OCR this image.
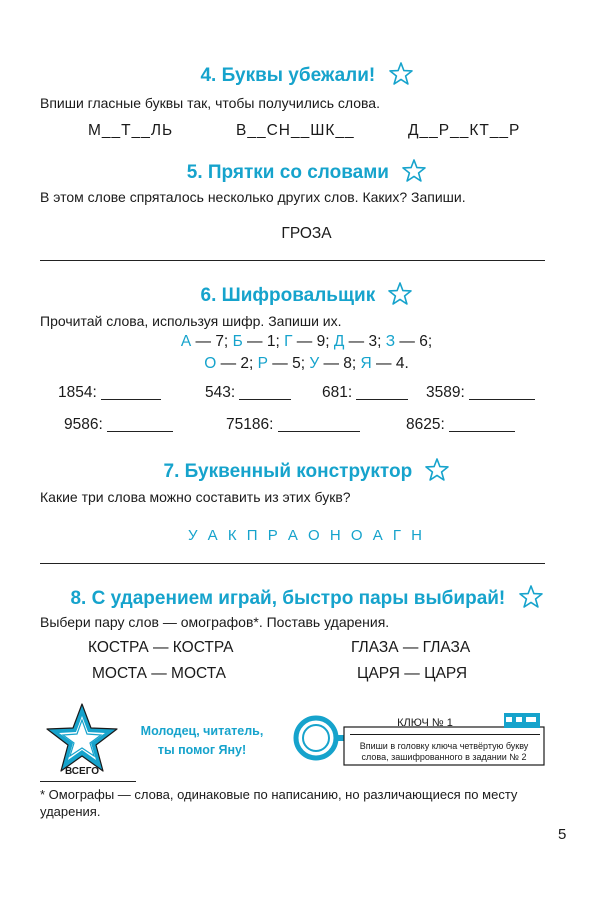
4. Буквы убежали!
Впиши гласные буквы так, чтобы получились слова.
М__Т__ЛЬ	В__СН__ШК__	Д__Р__КТ__Р
5. Прятки со словами
В этом слове спряталось несколько других слов. Каких? Запиши.
ГРОЗА
6. Шифровальщик
Прочитай слова, используя шифр. Запиши их.
А — 7; Б — 1; Г — 9; Д — 3; З — 6;
О — 2; Р — 5; У — 8; Я — 4.
1854:	543:	681:	3589:
9586:	75186:	8625:
7. Буквенный конструктор
Какие три слова можно составить из этих букв?
У А К П Р А О Н О А Г Н
8. С ударением играй, быстро пары выбирай!
Выбери пару слов — омографов*. Поставь ударения.
КОСТРА — КОСТРА	ГЛАЗА — ГЛАЗА
МОСТА — МОСТА	ЦАРЯ — ЦАРЯ
ВСЕГО
Молодец, читатель,
ты помог Яну!
КЛЮЧ № 1
Впиши в головку ключа четвёртую букву
слова, зашифрованного в задании № 2
* Омографы — слова, одинаковые по написанию, но различающиеся по месту ударения.
5
